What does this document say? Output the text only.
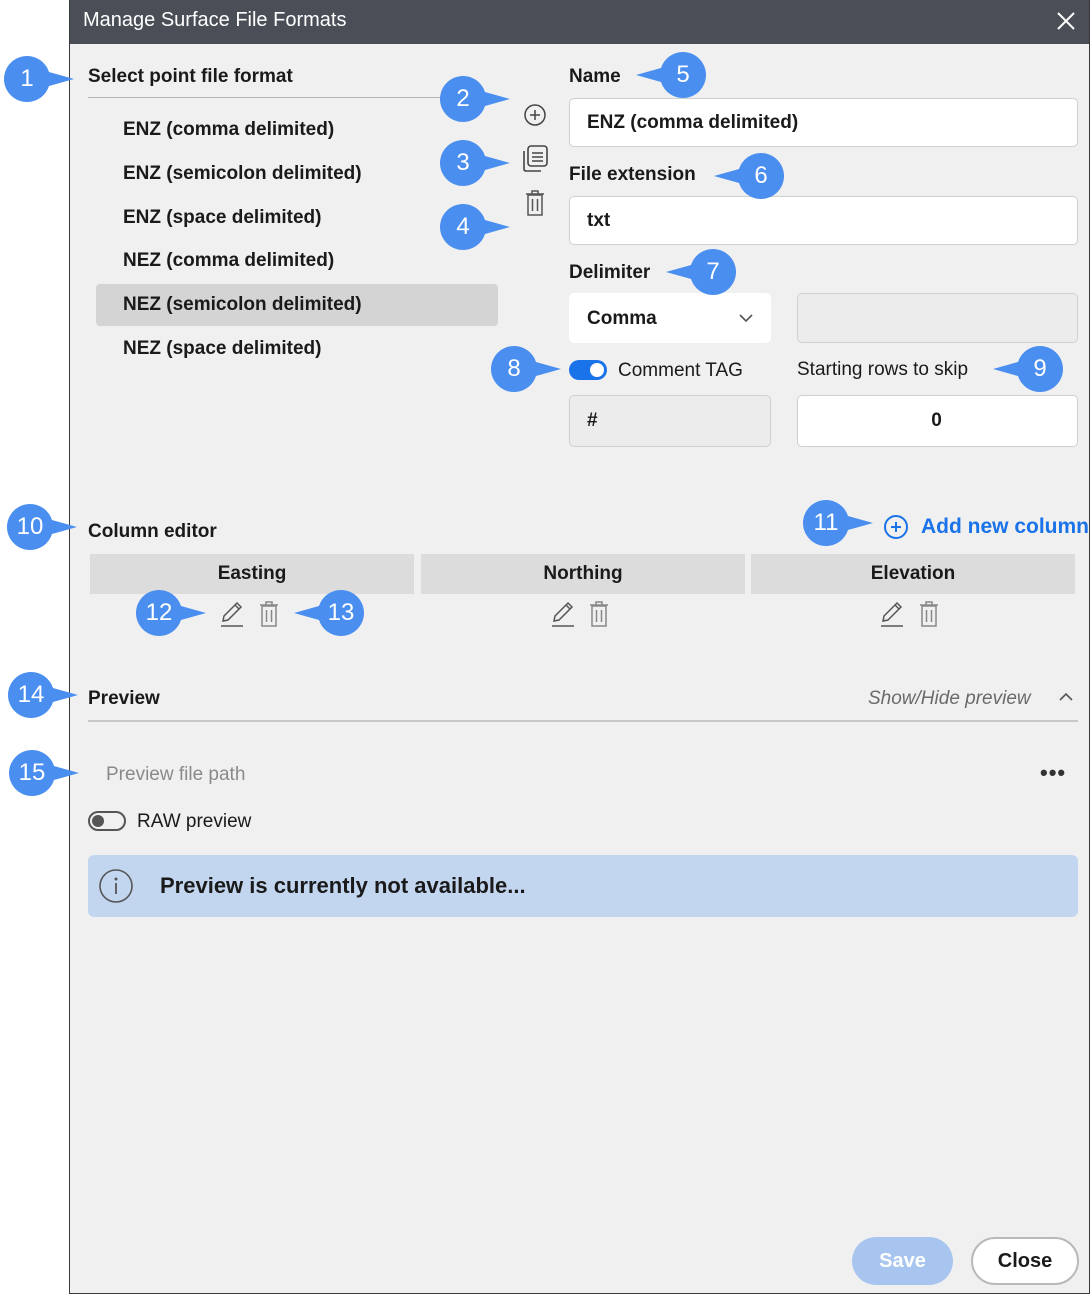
Manage Surface File Formats
Select point file format
ENZ (comma delimited)
ENZ (semicolon delimited)
ENZ (space delimited)
NEZ (comma delimited)
NEZ (semicolon delimited)
NEZ (space delimited)
Name
ENZ (comma delimited)
File extension
txt
Delimiter
Comma
Comment TAG
#	Starting rows to skip
0
Column editor	Add new column
Easting	Northing	Elevation
Preview	Show/Hide preview
Preview file path	•••
RAW preview
Preview is currently not available...
Save	Close
1
2
3
4
5
6
7
8	9
10	11
12	13
14
15
